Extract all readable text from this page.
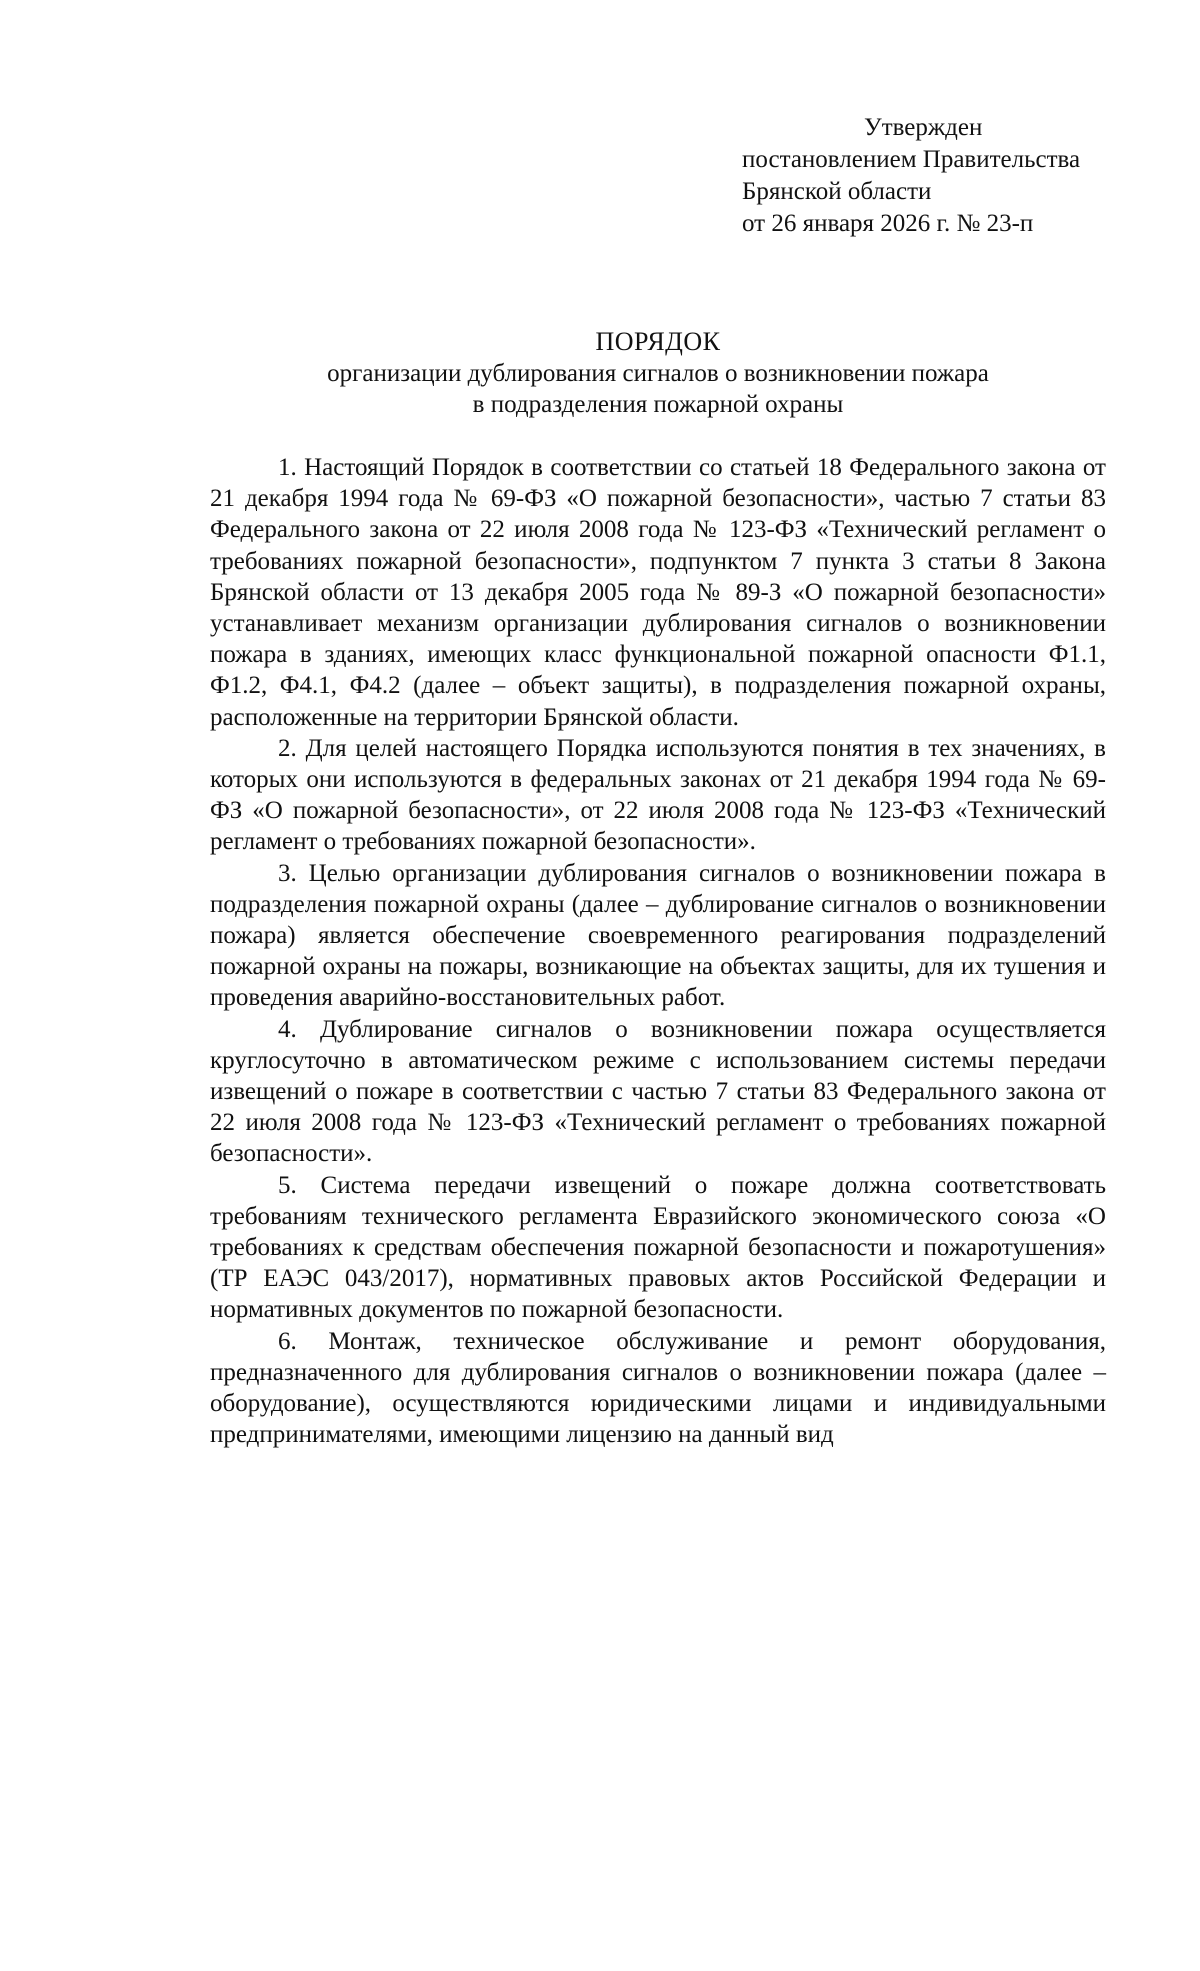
Утвержден
постановлением Правительства
Брянской области
от 26 января 2026 г. № 23-п
ПОРЯДОК
организации дублирования сигналов о возникновении пожара
в подразделения пожарной охраны

1. Настоящий Порядок в соответствии со статьей 18 Федерального закона от 21 декабря 1994 года № 69-ФЗ «О пожарной безопасности», частью 7 статьи 83 Федерального закона от 22 июля 2008 года № 123-ФЗ «Технический регламент о требованиях пожарной безопасности», подпунктом 7 пункта 3 статьи 8 Закона Брянской области от 13 декабря 2005 года № 89-З «О пожарной безопасности» устанавливает механизм организации дублирования сигналов о возникновении пожара в зданиях, имеющих класс функциональной пожарной опасности Ф1.1, Ф1.2, Ф4.1, Ф4.2 (далее – объект защиты), в подразделения пожарной охраны, расположенные на территории Брянской области.

2. Для целей настоящего Порядка используются понятия в тех значениях, в которых они используются в федеральных законах от 21 декабря 1994 года № 69-ФЗ «О пожарной безопасности», от 22 июля 2008 года № 123-ФЗ «Технический регламент о требованиях пожарной безопасности».

3. Целью организации дублирования сигналов о возникновении пожара в подразделения пожарной охраны (далее – дублирование сигналов о возникновении пожара) является обеспечение своевременного реагирования подразделений пожарной охраны на пожары, возникающие на объектах защиты, для их тушения и проведения аварийно-восстановительных работ.

4. Дублирование сигналов о возникновении пожара осуществляется круглосуточно в автоматическом режиме с использованием системы передачи извещений о пожаре в соответствии с частью 7 статьи 83 Федерального закона от 22 июля 2008 года № 123-ФЗ «Технический регламент о требованиях пожарной безопасности».

5. Система передачи извещений о пожаре должна соответствовать требованиям технического регламента Евразийского экономического союза «О требованиях к средствам обеспечения пожарной безопасности и пожаротушения» (ТР ЕАЭС 043/2017), нормативных правовых актов Российской Федерации и нормативных документов по пожарной безопасности.

6. Монтаж, техническое обслуживание и ремонт оборудования, предназначенного для дублирования сигналов о возникновении пожара (далее – оборудование), осуществляются юридическими лицами и индивидуальными предпринимателями, имеющими лицензию на данный вид
